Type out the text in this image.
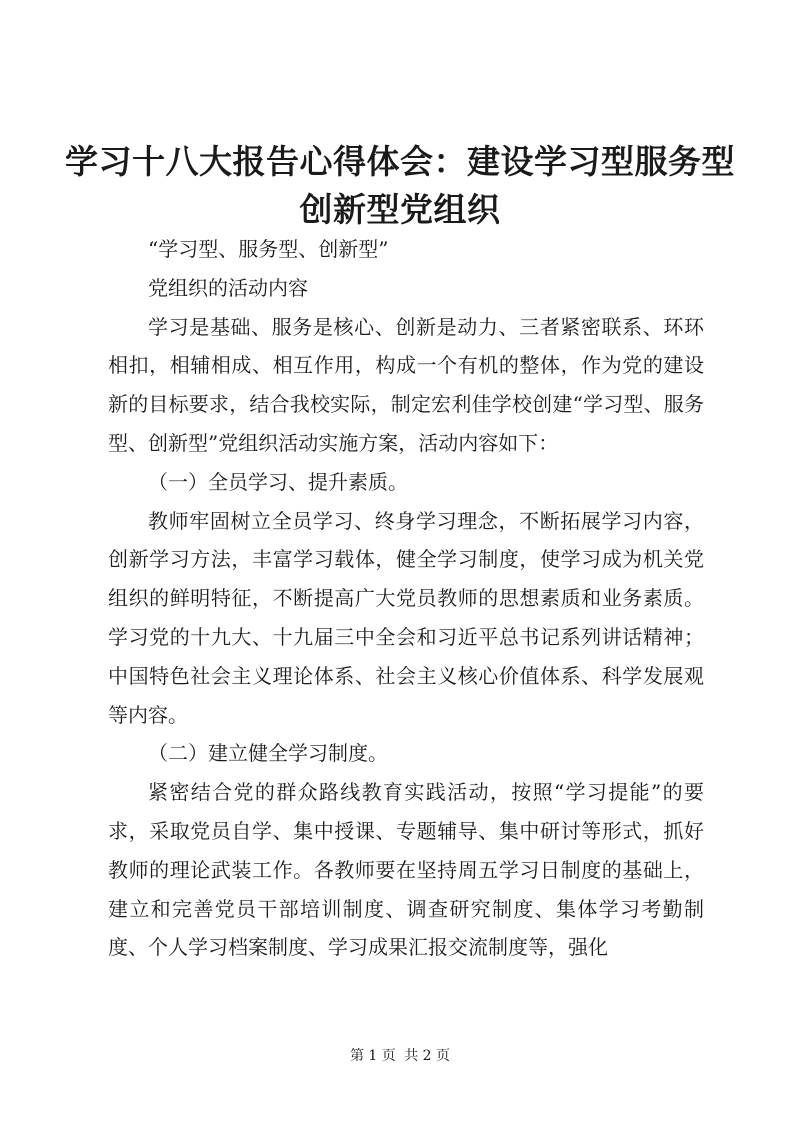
学习十八大报告心得体会：建设学习型服务型
创新型党组织

“学习型、服务型、创新型”

党组织的活动内容

学习是基础、服务是核心、创新是动力、三者紧密联系、环环相扣，相辅相成、相互作用，构成一个有机的整体，作为党的建设新的目标要求，结合我校实际，制定宏利佳学校创建“学习型、服务型、创新型”党组织活动实施方案，活动内容如下：

（一）全员学习、提升素质。

教师牢固树立全员学习、终身学习理念，不断拓展学习内容，创新学习方法，丰富学习载体，健全学习制度，使学习成为机关党组织的鲜明特征，不断提高广大党员教师的思想素质和业务素质。学习党的十九大、十九届三中全会和习近平总书记系列讲话精神；中国特色社会主义理论体系、社会主义核心价值体系、科学发展观等内容。

（二）建立健全学习制度。

紧密结合党的群众路线教育实践活动，按照“学习提能”的要求，采取党员自学、集中授课、专题辅导、集中研讨等形式，抓好教师的理论武装工作。各教师要在坚持周五学习日制度的基础上，建立和完善党员干部培训制度、调查研究制度、集体学习考勤制度、个人学习档案制度、学习成果汇报交流制度等，强化

第 1 页 共 2 页
